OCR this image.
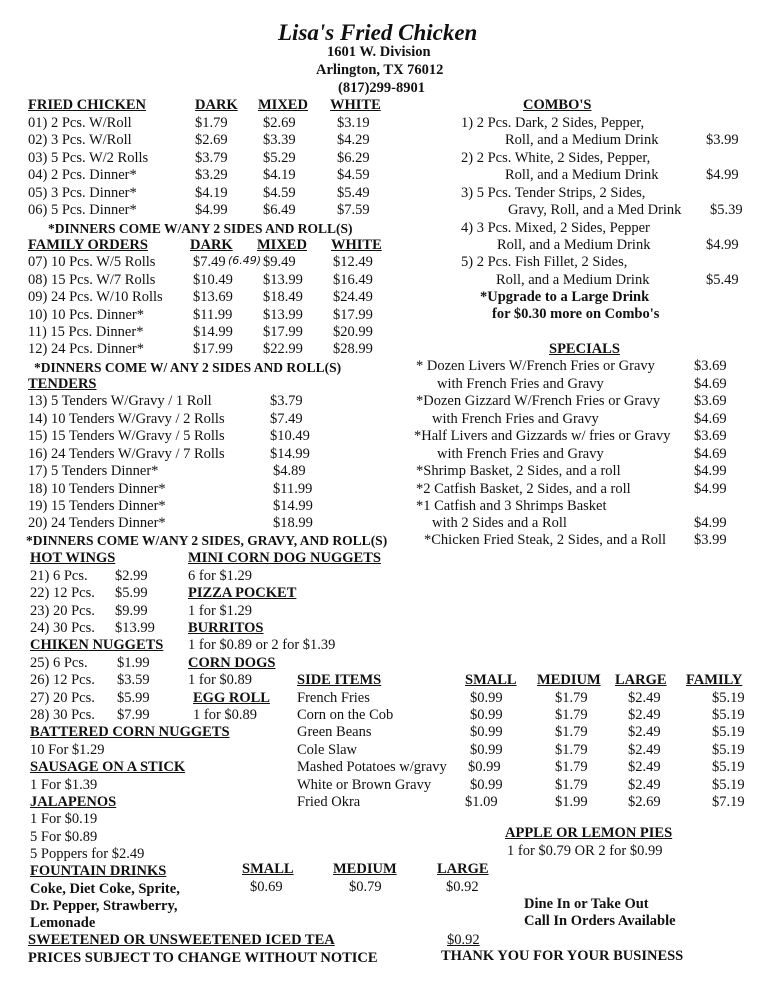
Lisa's Fried Chicken
1601 W. Division
Arlington, TX 76012
(817)299-8901
FRIED CHICKEN	DARK MIXED WHITE
01) 2 Pcs. W/Roll	$1.79 $2.69	$3.19
02) 3 Pcs. W/Roll	$2.69 $3.39	$4.29
03) 5 Pcs. W/2 Rolls	$3.79 $5.29	$6.29
04) 2 Pcs. Dinner*	$3.29 $4.19	$4.59
05) 3 Pcs. Dinner*	$4.19 $4.59	$5.49
06) 5 Pcs. Dinner*	$4.99 $6.49	$7.59
*DINNERS COME W/ANY 2 SIDES AND ROLL(S)
FAMILY ORDERS	DARK MIXED WHITE
07) 10 Pcs. W/5 Rolls	$7.49 (6.49) $9.49	$12.49
08) 15 Pcs. W/7 Rolls	$10.49 $13.99 $16.49
09) 24 Pcs. W/10 Rolls $13.69 $18.49 $24.49
10) 10 Pcs. Dinner*	$11.99 $13.99 $17.99
11) 15 Pcs. Dinner*	$14.99 $17.99 $20.99
12) 24 Pcs. Dinner*	$17.99 $22.99 $28.99
*DINNERS COME W/ ANY 2 SIDES AND ROLL(S)
TENDERS
13) 5 Tenders W/Gravy / 1 Roll	$3.79
14) 10 Tenders W/Gravy / 2 Rolls	$7.49
15) 15 Tenders W/Gravy / 5 Rolls	$10.49
16) 24 Tenders W/Gravy / 7 Rolls	$14.99
17) 5 Tenders Dinner*	$4.89
18) 10 Tenders Dinner*	$11.99
19) 15 Tenders Dinner*	$14.99
20) 24 Tenders Dinner*	$18.99
*DINNERS COME W/ANY 2 SIDES, GRAVY, AND ROLL(S)
COMBO'S
1) 2 Pcs. Dark, 2 Sides, Pepper,
Roll, and a Medium Drink	$3.99
2) 2 Pcs. White, 2 Sides, Pepper,
Roll, and a Medium Drink	$4.99
3) 5 Pcs. Tender Strips, 2 Sides,
Gravy, Roll, and a Med Drink $5.39
4) 3 Pcs. Mixed, 2 Sides, Pepper
Roll, and a Medium Drink	$4.99
5) 2 Pcs. Fish Fillet, 2 Sides,
Roll, and a Medium Drink	$5.49
*Upgrade to a Large Drink
for $0.30 more on Combo's
SPECIALS
* Dozen Livers W/French Fries or Gravy	$3.69
with French Fries and Gravy	$4.69
*Dozen Gizzard W/French Fries or Gravy $3.69
with French Fries and Gravy	$4.69
*Half Livers and Gizzards w/ fries or Gravy $3.69
with French Fries and Gravy	$4.69
*Shrimp Basket, 2 Sides, and a roll	$4.99
*2 Catfish Basket, 2 Sides, and a roll	$4.99
*1 Catfish and 3 Shrimps Basket
with 2 Sides and a Roll	$4.99
*Chicken Fried Steak, 2 Sides, and a Roll $3.99
HOT WINGS
21) 6 Pcs. $2.99
22) 12 Pcs. $5.99
23) 20 Pcs. $9.99
24) 30 Pcs. $13.99
CHIKEN NUGGETS
25) 6 Pcs. $1.99
26) 12 Pcs. $3.59
27) 20 Pcs. $5.99
28) 30 Pcs. $7.99
MINI CORN DOG NUGGETS
6 for $1.29
PIZZA POCKET
1 for $1.29
BURRITOS
1 for $0.89 or 2 for $1.39
CORN DOGS
1 for $0.89
EGG ROLL
1 for $0.89
BATTERED CORN NUGGETS
10 For $1.29
SAUSAGE ON A STICK
1 For $1.39
JALAPENOS
1 For $0.19
5 For $0.89
5 Poppers for $2.49
SIDE ITEMS	SMALL MEDIUM LARGE FAMILY
French Fries	$0.99	$1.79	$2.49	$5.19
Corn on the Cob	$0.99	$1.79	$2.49	$5.19
Green Beans	$0.99	$1.79	$2.49	$5.19
Cole Slaw	$0.99	$1.79	$2.49	$5.19
Mashed Potatoes w/gravy $0.99	$1.79	$2.49	$5.19
White or Brown Gravy	$0.99	$1.79	$2.49	$5.19
Fried Okra	$1.09	$1.99	$2.69	$7.19
APPLE OR LEMON PIES
1 for $0.79 OR 2 for $0.99
FOUNTAIN DRINKS
Coke, Diet Coke, Sprite,
Dr. Pepper, Strawberry,
Lemonade
SMALL	MEDIUM	LARGE
$0.69	$0.79	$0.92
SWEETENED OR UNSWEETENED ICED TEA	$0.92
Dine In or Take Out
Call In Orders Available
PRICES SUBJECT TO CHANGE WITHOUT NOTICE	THANK YOU FOR YOUR BUSINESS
